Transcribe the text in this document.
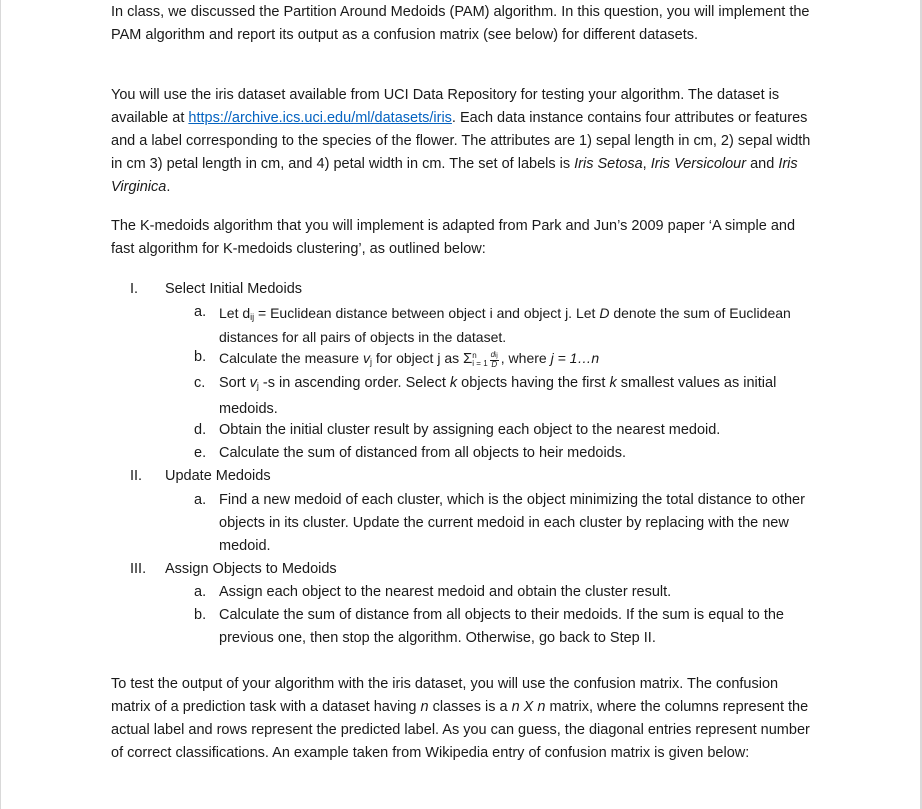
In class, we discussed the Partition Around Medoids (PAM) algorithm. In this question, you will implement the PAM algorithm and report its output as a confusion matrix (see below) for different datasets.

You will use the iris dataset available from UCI Data Repository for testing your algorithm. The dataset is available at https://archive.ics.uci.edu/ml/datasets/iris. Each data instance contains four attributes or features and a label corresponding to the species of the flower. The attributes are 1) sepal length in cm, 2) sepal width in cm 3) petal length in cm, and 4) petal width in cm. The set of labels is Iris Setosa, Iris Versicolour and Iris Virginica.

The K-medoids algorithm that you will implement is adapted from Park and Jun’s 2009 paper ‘A simple and fast algorithm for K-medoids clustering’, as outlined below:

I. Select Initial Medoids
a. Let dij = Euclidean distance between object i and object j. Let D denote the sum of Euclidean distances for all pairs of objects in the dataset.
b. Calculate the measure vj for object j as Σ n
$i = 1 \frac{\text{dij}}{D}$ , where j = 1…n
c. Sort vj -s in ascending order. Select k objects having the first k smallest values as initial medoids.
d. Obtain the initial cluster result by assigning each object to the nearest medoid.
e. Calculate the sum of distanced from all objects to heir medoids.
II. Update Medoids
a. Find a new medoid of each cluster, which is the object minimizing the total distance to other objects in its cluster. Update the current medoid in each cluster by replacing with the new medoid.
III. Assign Objects to Medoids
a. Assign each object to the nearest medoid and obtain the cluster result.
b. Calculate the sum of distance from all objects to their medoids. If the sum is equal to the previous one, then stop the algorithm. Otherwise, go back to Step II.

To test the output of your algorithm with the iris dataset, you will use the confusion matrix. The confusion matrix of a prediction task with a dataset having n classes is a n X n matrix, where the columns represent the actual label and rows represent the predicted label. As you can guess, the diagonal entries represent number of correct classifications. An example taken from Wikipedia entry of confusion matrix is given below:
